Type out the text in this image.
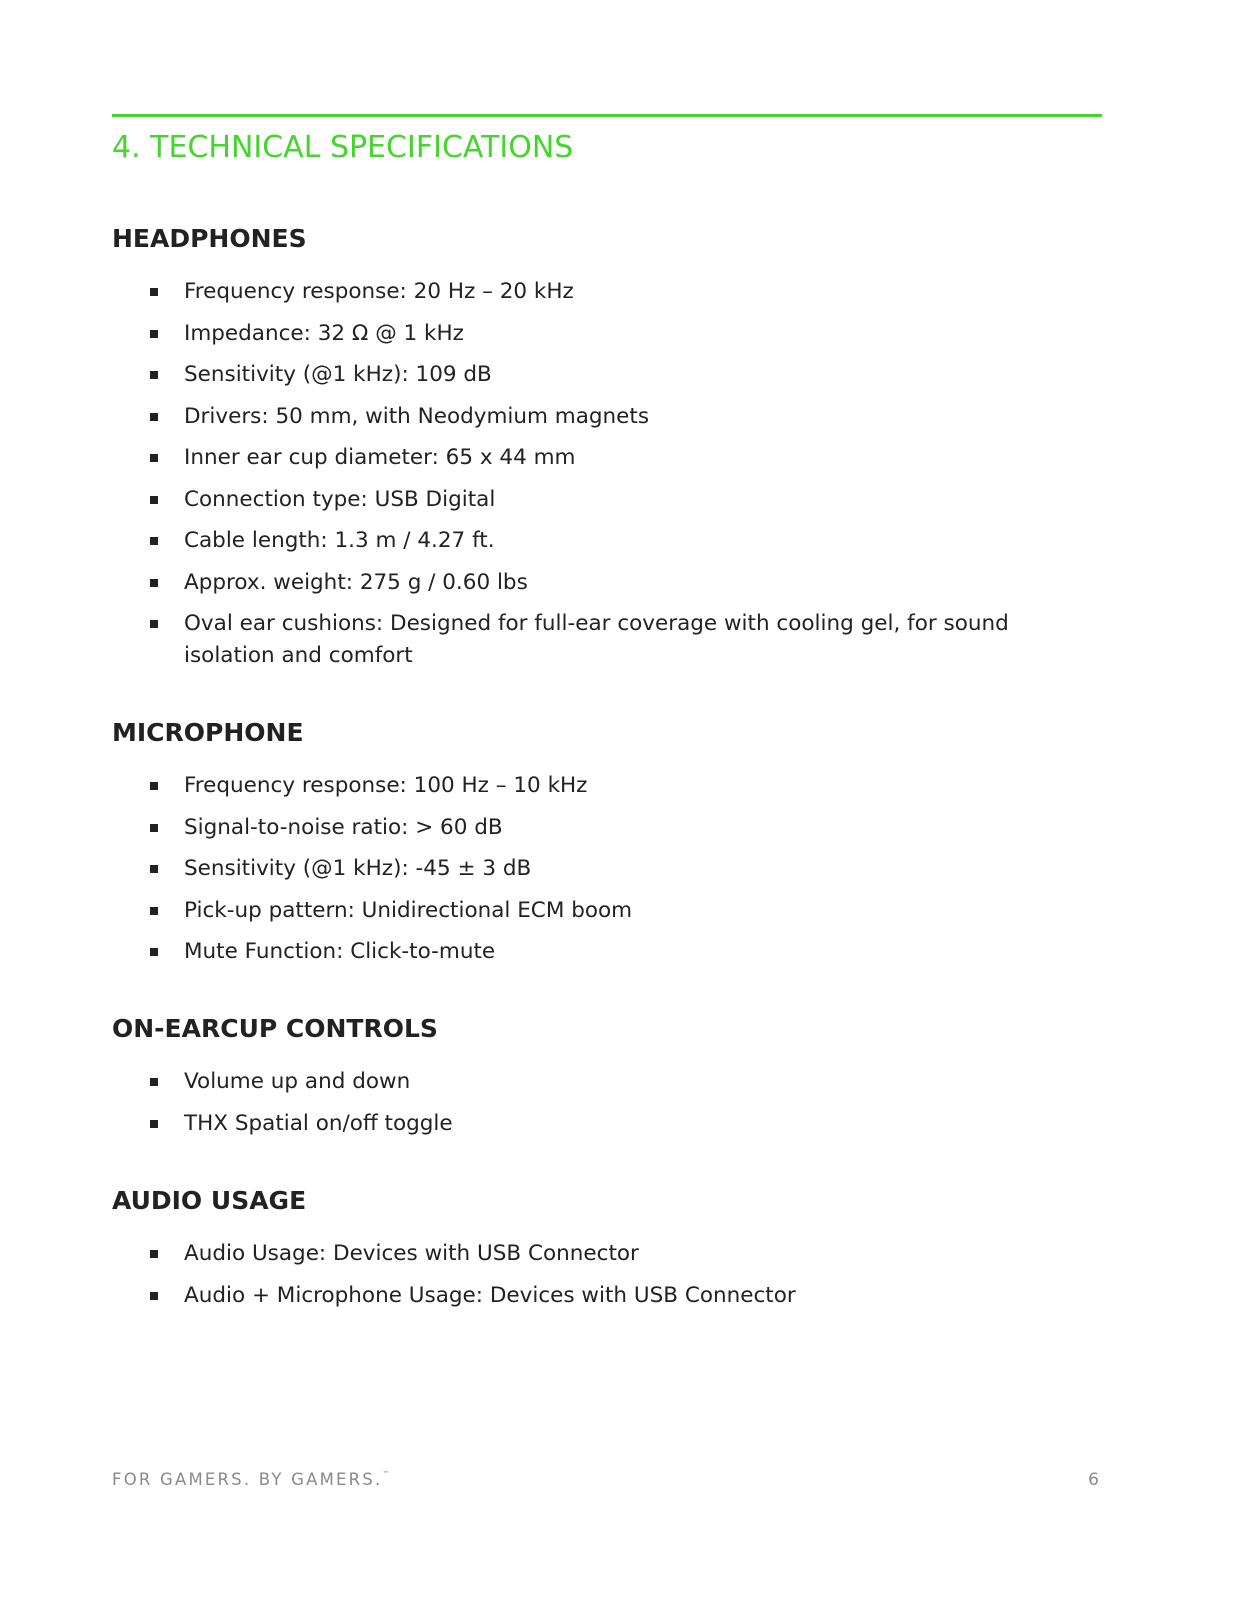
4. TECHNICAL SPECIFICATIONS
HEADPHONES
Frequency response: 20 Hz – 20 kHz
Impedance: 32 Ω @ 1 kHz
Sensitivity (@1 kHz): 109 dB
Drivers: 50 mm, with Neodymium magnets
Inner ear cup diameter: 65 x 44 mm
Connection type: USB Digital
Cable length: 1.3 m / 4.27 ft.
Approx. weight: 275 g / 0.60 lbs
Oval ear cushions: Designed for full-ear coverage with cooling gel, for sound isolation and comfort
MICROPHONE
Frequency response: 100 Hz – 10 kHz
Signal-to-noise ratio: > 60 dB
Sensitivity (@1 kHz): -45 ± 3 dB
Pick-up pattern: Unidirectional ECM boom
Mute Function: Click-to-mute
ON-EARCUP CONTROLS
Volume up and down
THX Spatial on/off toggle
AUDIO USAGE
Audio Usage: Devices with USB Connector
Audio + Microphone Usage: Devices with USB Connector
FOR GAMERS. BY GAMERS.™	6
